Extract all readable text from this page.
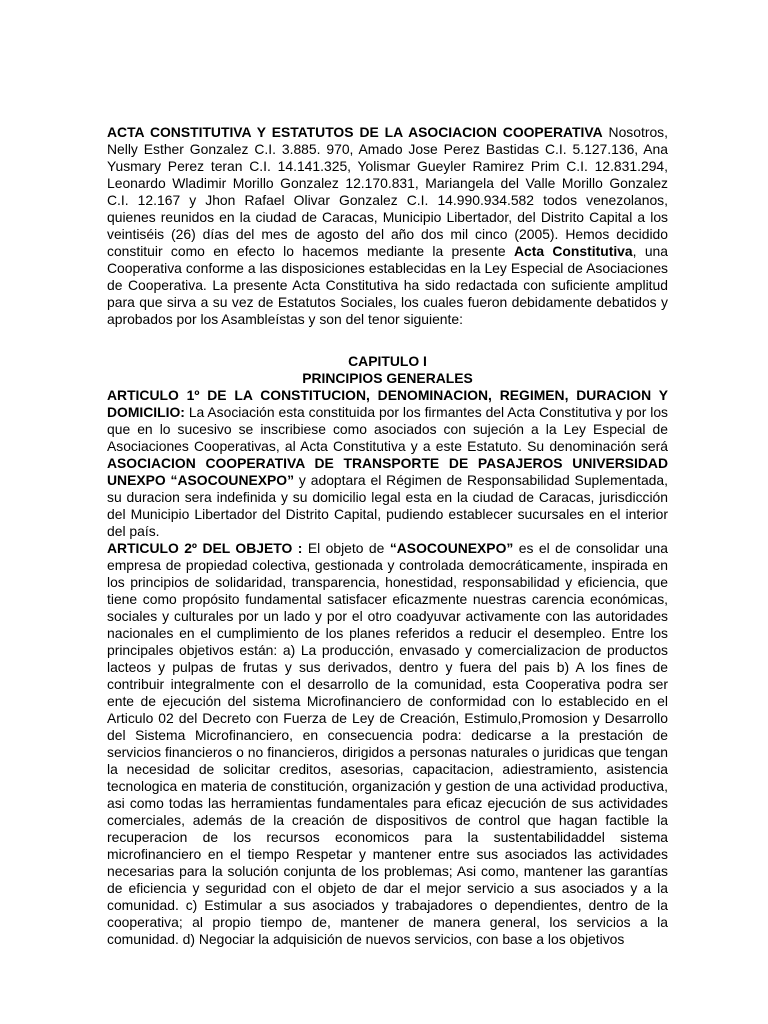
ACTA CONSTITUTIVA Y ESTATUTOS DE LA ASOCIACION COOPERATIVA Nosotros, Nelly Esther Gonzalez C.I. 3.885. 970, Amado Jose Perez Bastidas C.I. 5.127.136, Ana Yusmary Perez teran C.I. 14.141.325, Yolismar Gueyler Ramirez Prim C.I. 12.831.294, Leonardo Wladimir Morillo Gonzalez 12.170.831, Mariangela del Valle Morillo Gonzalez C.I. 12.167 y Jhon Rafael Olivar Gonzalez C.I. 14.990.934.582 todos venezolanos, quienes reunidos en la ciudad de Caracas, Municipio Libertador, del Distrito Capital a los veintiséis (26) días del mes de agosto del año dos mil cinco (2005). Hemos decidido constituir como en efecto lo hacemos mediante la presente Acta Constitutiva, una Cooperativa conforme a las disposiciones establecidas en la Ley Especial de Asociaciones de Cooperativa. La presente Acta Constitutiva ha sido redactada con suficiente amplitud para que sirva a su vez de Estatutos Sociales, los cuales fueron debidamente debatidos y aprobados por los Asambleístas y son del tenor siguiente:

CAPITULO I

PRINCIPIOS GENERALES

ARTICULO 1º DE LA CONSTITUCION, DENOMINACION, REGIMEN, DURACION Y DOMICILIO: La Asociación esta constituida por los firmantes del Acta Constitutiva y por los que en lo sucesivo se inscribiese como asociados con sujeción a la Ley Especial de Asociaciones Cooperativas, al Acta Constitutiva y a este Estatuto. Su denominación será ASOCIACION COOPERATIVA DE TRANSPORTE DE PASAJEROS UNIVERSIDAD UNEXPO “ASOCOUNEXPO” y adoptara el Régimen de Responsabilidad Suplementada, su duracion sera indefinida y su domicilio legal esta en la ciudad de Caracas, jurisdicción del Municipio Libertador del Distrito Capital, pudiendo establecer sucursales en el interior del país.

ARTICULO 2º DEL OBJETO : El objeto de “ASOCOUNEXPO” es el de consolidar una empresa de propiedad colectiva, gestionada y controlada democráticamente, inspirada en los principios de solidaridad, transparencia, honestidad, responsabilidad y eficiencia, que tiene como propósito fundamental satisfacer eficazmente nuestras carencia económicas, sociales y culturales por un lado y por el otro coadyuvar activamente con las autoridades nacionales en el cumplimiento de los planes referidos a reducir el desempleo. Entre los principales objetivos están: a) La producción, envasado y comercializacion de productos lacteos y pulpas de frutas y sus derivados, dentro y fuera del pais b) A los fines de contribuir integralmente con el desarrollo de la comunidad, esta Cooperativa podra ser ente de ejecución del sistema Microfinanciero de conformidad con lo establecido en el Articulo 02 del Decreto con Fuerza de Ley de Creación, Estimulo,Promosion y Desarrollo del Sistema Microfinanciero, en consecuencia podra: dedicarse a la prestación de servicios financieros o no financieros, dirigidos a personas naturales o juridicas que tengan la necesidad de solicitar creditos, asesorias, capacitacion, adiestramiento, asistencia tecnologica en materia de constitución, organización y gestion de una actividad productiva, asi como todas las herramientas fundamentales para eficaz ejecución de sus actividades comerciales, además de la creación de dispositivos de control que hagan factible la recuperacion de los recursos economicos para la sustentabilidaddel sistema microfinanciero en el tiempo Respetar y mantener entre sus asociados las actividades necesarias para la solución conjunta de los problemas; Asi como, mantener las garantías de eficiencia y seguridad con el objeto de dar el mejor servicio a sus asociados y a la comunidad. c) Estimular a sus asociados y trabajadores o dependientes, dentro de la cooperativa; al propio tiempo de, mantener de manera general, los servicios a la comunidad. d) Negociar la adquisición de nuevos servicios, con base a los objetivos
